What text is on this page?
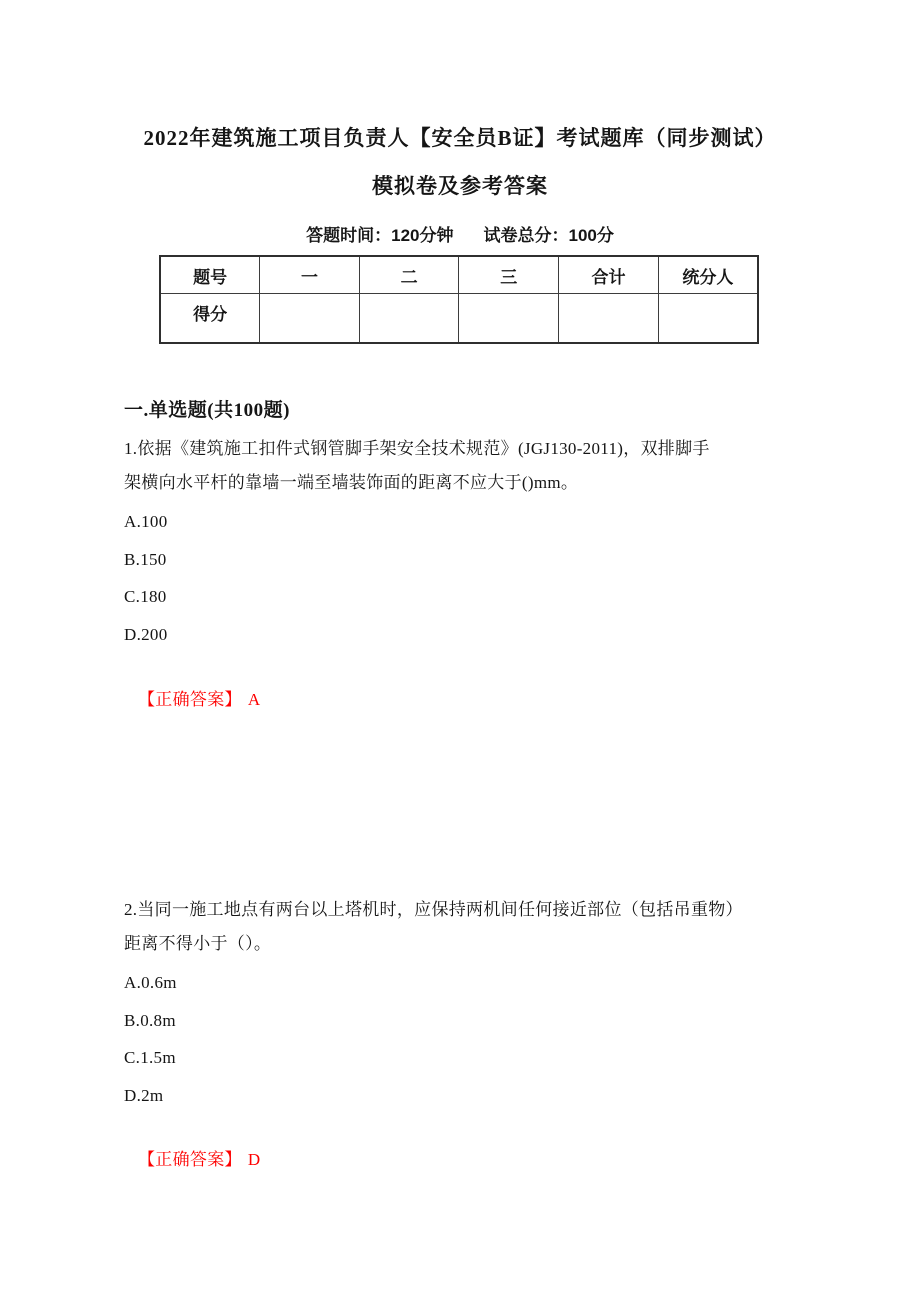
2022年建筑施工项目负责人【安全员B证】考试题库（同步测试）
模拟卷及参考答案
答题时间：120分钟 试卷总分：100分
题号	一	二	三	合计	统分人
得分					
一.单选题(共100题)
1.依据《建筑施工扣件式钢管脚手架安全技术规范》(JGJ130-2011)，双排脚手
架横向水平杆的靠墙一端至墙装饰面的距离不应大于()mm。
A.100
B.150
C.180
D.200
【正确答案】 A
2.当同一施工地点有两台以上塔机时，应保持两机间任何接近部位（包括吊重物）
距离不得小于（）。
A.0.6m
B.0.8m
C.1.5m
D.2m
【正确答案】 D
